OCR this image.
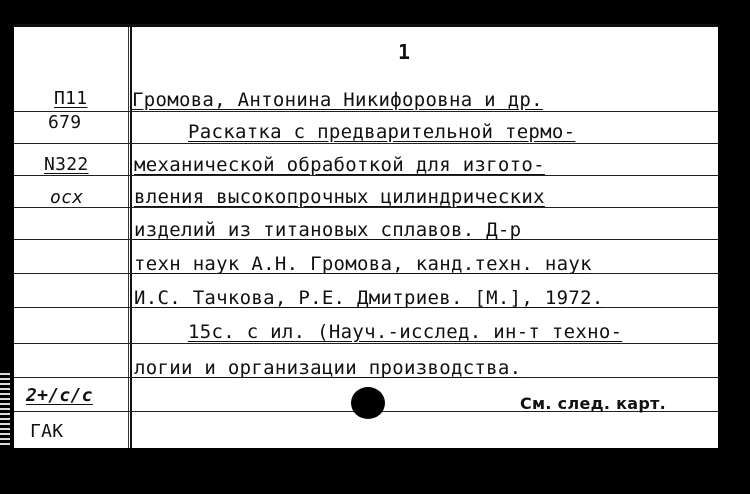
1
П11
679
N322
осх
2+/c/c
ГАК
Громова, Антонина Никифоровна и др.
Раскатка с предварительной термо-
механической обработкой для изгото-
вления высокопрочных цилиндрических
изделий из титановых сплавов. Д-р
техн наук А.Н. Громова, канд.техн. наук
И.С. Тачкова, Р.Е. Дмитриев. [М.], 1972.
15с. с ил. (Науч.-исслед. ин-т техно-
логии и организации производства.
См. след. карт.
